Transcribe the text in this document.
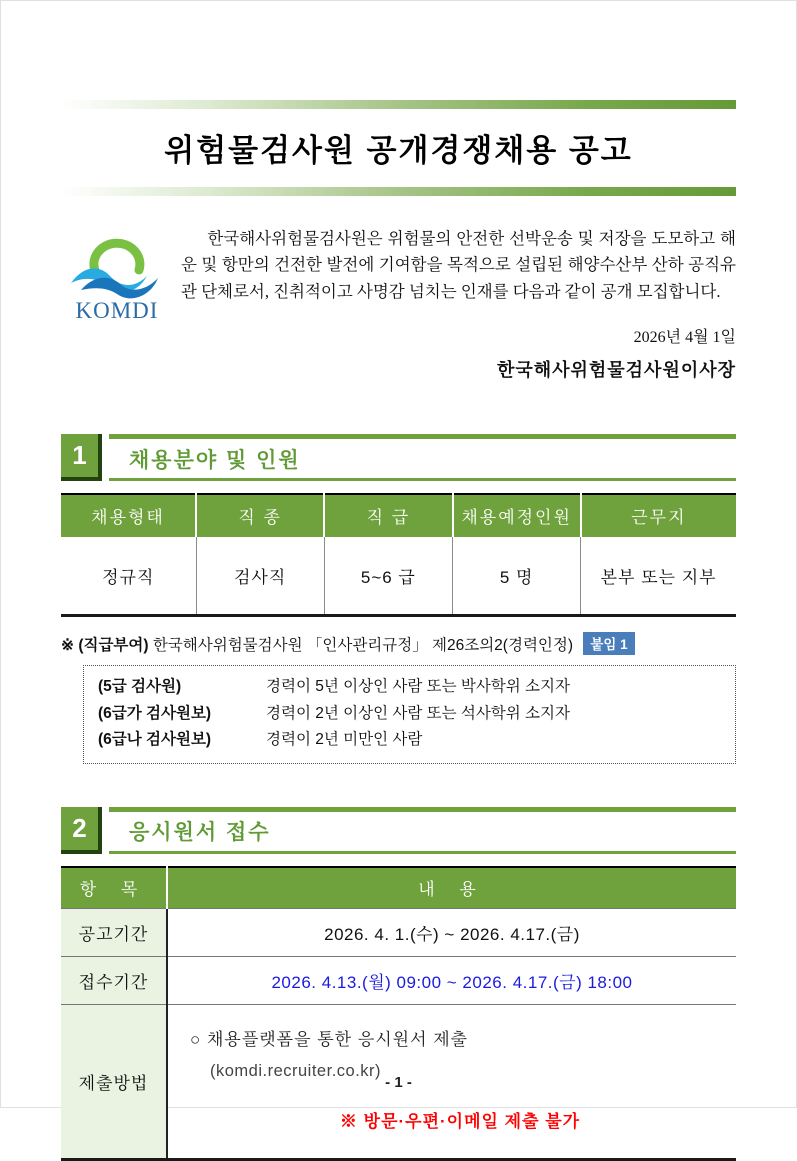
위험물검사원 공개경쟁채용 공고
KOMDI

한국해사위험물검사원은 위험물의 안전한 선박운송 및 저장을 도모하고 해운 및 항만의 건전한 발전에 기여함을 목적으로 설립된 해양수산부 산하 공직유관 단체로서, 진취적이고 사명감 넘치는 인재를 다음과 같이 공개 모집합니다.

2026년 4월 1일
한국해사위험물검사원이사장
1	채용분야 및 인원
채용형태	직 종	직 급	채용예정인원	근무지
정규직	검사직	5~6 급	5 명	본부 또는 지부
※ (직급부여) 한국해사위험물검사원 「인사관리규정」 제26조의2(경력인정) 붙임 1
(5급 검사원)	경력이 5년 이상인 사람 또는 박사학위 소지자
(6급가 검사원보)	경력이 2년 이상인 사람 또는 석사학위 소지자
(6급나 검사원보)	경력이 2년 미만인 사람
2	응시원서 접수
항 목	내 용
공고기간	2026. 4. 1.(수) ~ 2026. 4.17.(금)
접수기간	2026. 4.13.(월) 09:00 ~ 2026. 4.17.(금) 18:00
제출방법	○ 채용플랫폼을 통한 응시원서 제출
(komdi.recruiter.co.kr)
※ 방문·우편·이메일 제출 불가
- 1 -
